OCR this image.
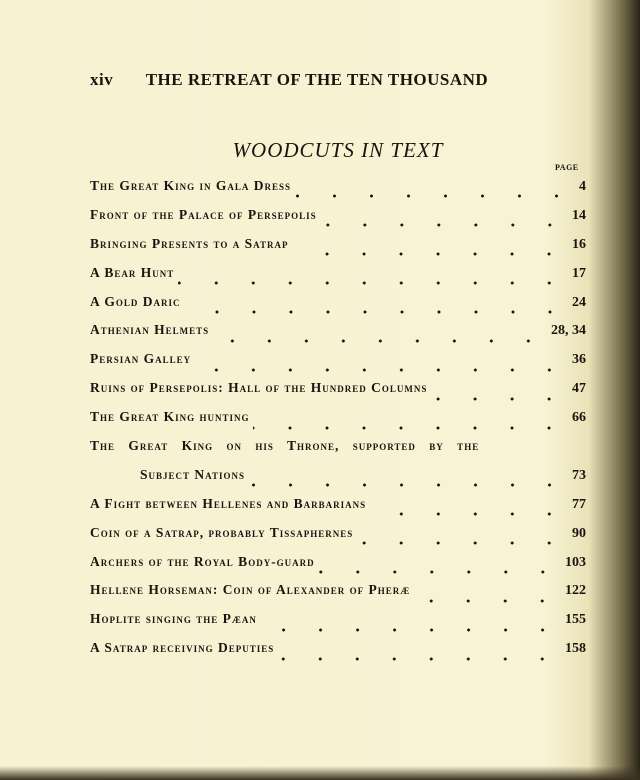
xiv THE RETREAT OF THE TEN THOUSAND
WOODCUTS IN TEXT
PAGE
The Great King in Gala Dress	4
Front of the Palace of Persepolis	14
Bringing Presents to a Satrap	16
A Bear Hunt	17
A Gold Daric	24
Athenian Helmets	28, 34
Persian Galley	36
Ruins of Persepolis: Hall of the Hundred Columns	47
The Great King hunting	66
The Great King on his Throne, supported by the
Subject Nations	73
A Fight between Hellenes and Barbarians	77
Coin of a Satrap, probably Tissaphernes	90
Archers of the Royal Body-guard	103
Hellene Horseman: Coin of Alexander of Pheræ	122
Hoplite singing the Pæan	155
A Satrap receiving Deputies	158
